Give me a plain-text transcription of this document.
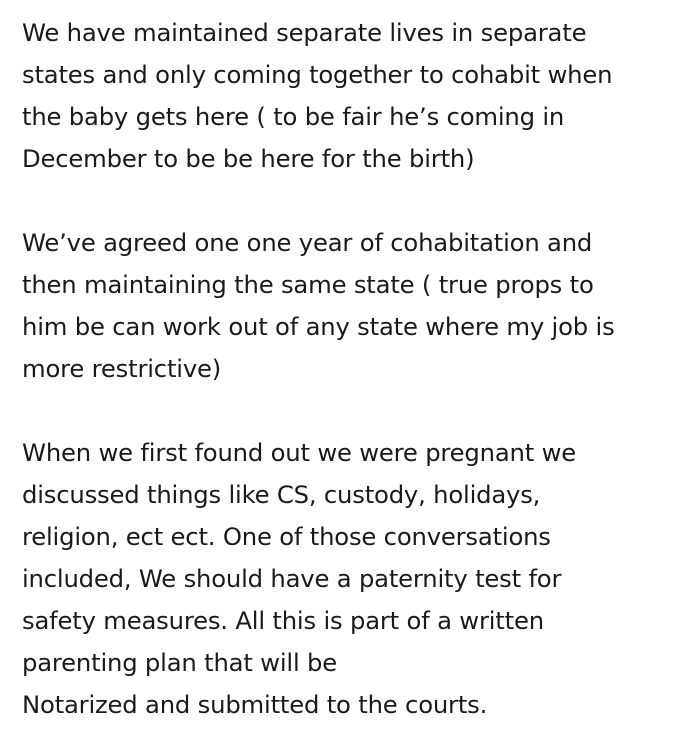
We have maintained separate lives in separate
states and only coming together to cohabit when
the baby gets here ( to be fair he’s coming in
December to be be here for the birth)

We’ve agreed one one year of cohabitation and
then maintaining the same state ( true props to
him be can work out of any state where my job is
more restrictive)

When we first found out we were pregnant we
discussed things like CS, custody, holidays,
religion, ect ect. One of those conversations
included, We should have a paternity test for
safety measures. All this is part of a written
parenting plan that will be
Notarized and submitted to the courts.
